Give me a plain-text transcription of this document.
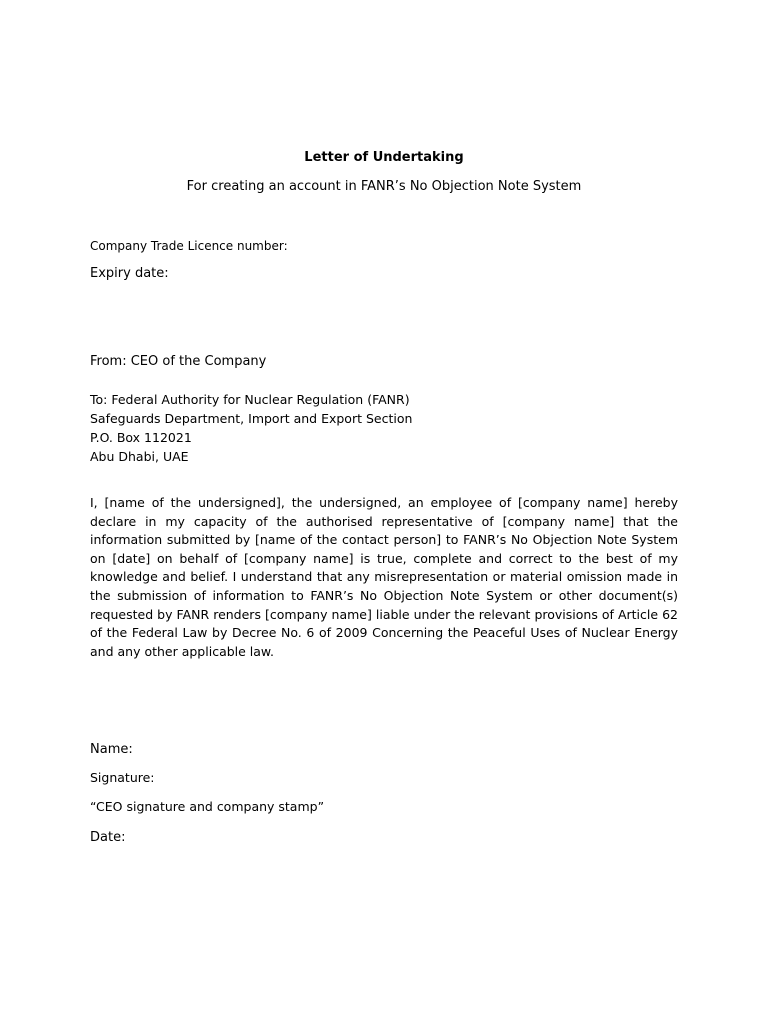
Letter of Undertaking
For creating an account in FANR’s No Objection Note System
Company Trade Licence number:
Expiry date:
From: CEO of the Company
To: Federal Authority for Nuclear Regulation (FANR)
Safeguards Department, Import and Export Section
P.O. Box 112021
Abu Dhabi, UAE

I, [name of the undersigned], the undersigned, an employee of [company name] hereby declare in my capacity of the authorised representative of [company name] that the information submitted by [name of the contact person] to FANR’s No Objection Note System on [date] on behalf of [company name] is true, complete and correct to the best of my knowledge and belief. I understand that any misrepresentation or material omission made in the submission of information to FANR’s No Objection Note System or other document(s) requested by FANR renders [company name] liable under the relevant provisions of Article 62 of the Federal Law by Decree No. 6 of 2009 Concerning the Peaceful Uses of Nuclear Energy and any other applicable law.

Name:
Signature:
“CEO signature and company stamp”
Date:
